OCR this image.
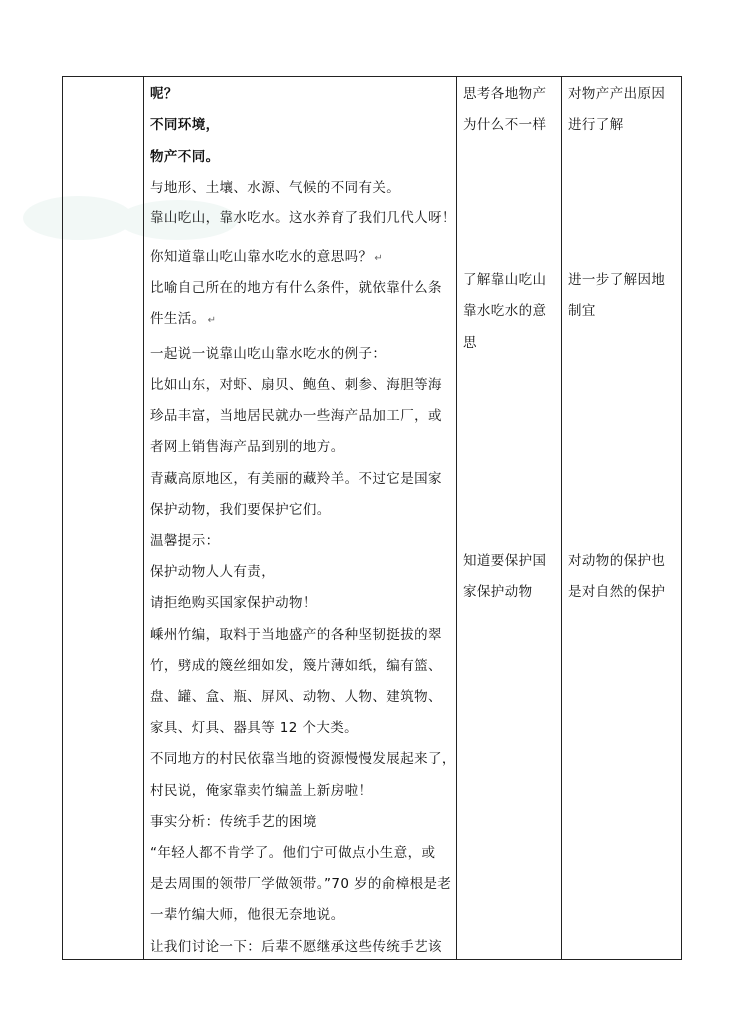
呢？
不同环境，
物产不同。
与地形、土壤、水源、气候的不同有关。
靠山吃山，靠水吃水。这水养育了我们几代人呀！
你知道靠山吃山靠水吃水的意思吗？ ↵
比喻自己所在的地方有什么条件，就依靠什么条
件生活。 ↵
一起说一说靠山吃山靠水吃水的例子：
比如山东，对虾、扇贝、鲍鱼、刺参、海胆等海
珍品丰富，当地居民就办一些海产品加工厂，或
者网上销售海产品到别的地方。
青藏高原地区，有美丽的藏羚羊。不过它是国家
保护动物，我们要保护它们。
温馨提示：
保护动物人人有责，
请拒绝购买国家保护动物！
嵊州竹编，取料于当地盛产的各种坚韧挺拔的翠
竹，劈成的篾丝细如发，篾片薄如纸，编有篮、
盘、罐、盒、瓶、屏风、动物、人物、建筑物、
家具、灯具、器具等 12 个大类。
不同地方的村民依靠当地的资源慢慢发展起来了，
村民说，俺家靠卖竹编盖上新房啦！
事实分析：传统手艺的困境
“年轻人都不肯学了。他们宁可做点小生意，或
是去周围的领带厂学做领带。”70 岁的俞樟根是老
一辈竹编大师，他很无奈地说。
让我们讨论一下：后辈不愿继承这些传统手艺该
思考各地物产
为什么不一样
了解靠山吃山
靠水吃水的意
思
知道要保护国
家保护动物
对物产产出原因
进行了解
进一步了解因地
制宜
对动物的保护也
是对自然的保护
